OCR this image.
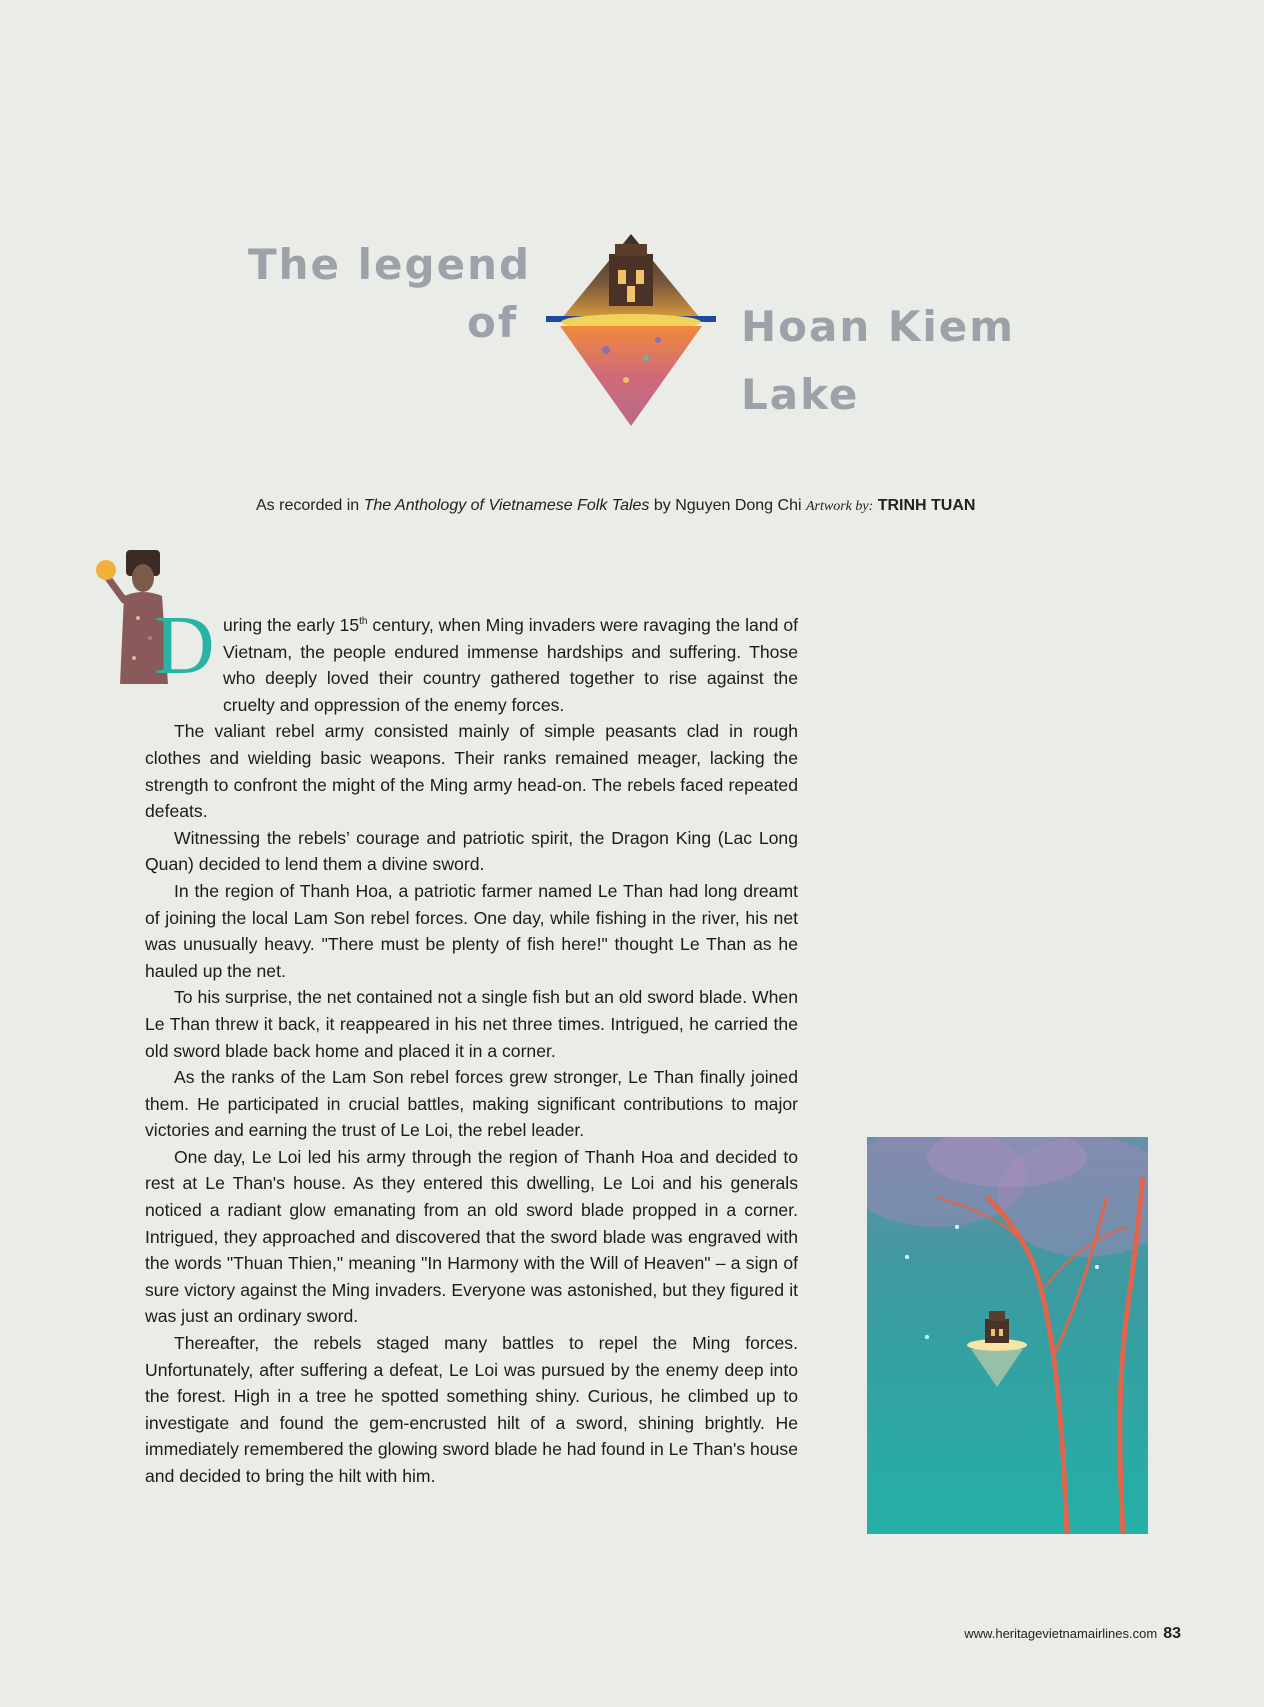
The legend
of	Hoan Kiem
Lake
As recorded in The Anthology of Vietnamese Folk Tales by Nguyen Dong Chi Artwork by: TRINH TUAN
D uring the early 15th century, when Ming invaders were ravaging the land of Vietnam, the people endured immense hardships and suffering. Those who deeply loved their country gathered together to rise against the cruelty and oppression of the enemy forces.

The valiant rebel army consisted mainly of simple peasants clad in rough clothes and wielding basic weapons. Their ranks remained meager, lacking the strength to confront the might of the Ming army head-on. The rebels faced repeated defeats.

Witnessing the rebels’ courage and patriotic spirit, the Dragon King (Lac Long Quan) decided to lend them a divine sword.

In the region of Thanh Hoa, a patriotic farmer named Le Than had long dreamt of joining the local Lam Son rebel forces. One day, while fishing in the river, his net was unusually heavy. "There must be plenty of fish here!" thought Le Than as he hauled up the net.

To his surprise, the net contained not a single fish but an old sword blade. When Le Than threw it back, it reappeared in his net three times. Intrigued, he carried the old sword blade back home and placed it in a corner.

As the ranks of the Lam Son rebel forces grew stronger, Le Than finally joined them. He participated in crucial battles, making significant contributions to major victories and earning the trust of Le Loi, the rebel leader.

One day, Le Loi led his army through the region of Thanh Hoa and decided to rest at Le Than's house. As they entered this dwelling, Le Loi and his generals noticed a radiant glow emanating from an old sword blade propped in a corner. Intrigued, they approached and discovered that the sword blade was engraved with the words "Thuan Thien," meaning "In Harmony with the Will of Heaven" – a sign of sure victory against the Ming invaders. Everyone was astonished, but they figured it was just an ordinary sword.

Thereafter, the rebels staged many battles to repel the Ming forces. Unfortunately, after suffering a defeat, Le Loi was pursued by the enemy deep into the forest. High in a tree he spotted something shiny. Curious, he climbed up to investigate and found the gem-encrusted hilt of a sword, shining brightly. He immediately remembered the glowing sword blade he had found in Le Than's house and decided to bring the hilt with him.

www.heritagevietnamairlines.com 83
